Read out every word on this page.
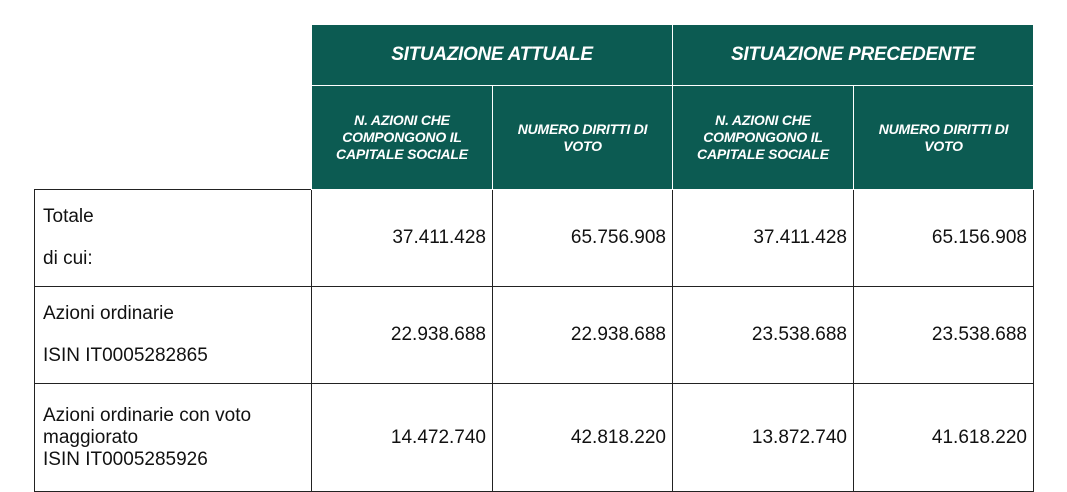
	SITUAZIONE ATTUALE		SITUAZIONE PRECEDENTE	
	N. AZIONI CHE COMPONGONO IL CAPITALE SOCIALE	NUMERO DIRITTI DI VOTO	N. AZIONI CHE COMPONGONO IL CAPITALE SOCIALE	NUMERO DIRITTI DI VOTO

Totale
di cui:	37.411.428	65.756.908	37.411.428	65.156.908

Azioni ordinarie
ISIN IT0005282865	22.938.688	22.938.688	23.538.688	23.538.688

Azioni ordinarie con voto
maggiorato
ISIN IT0005285926	14.472.740	42.818.220	13.872.740	41.618.220
